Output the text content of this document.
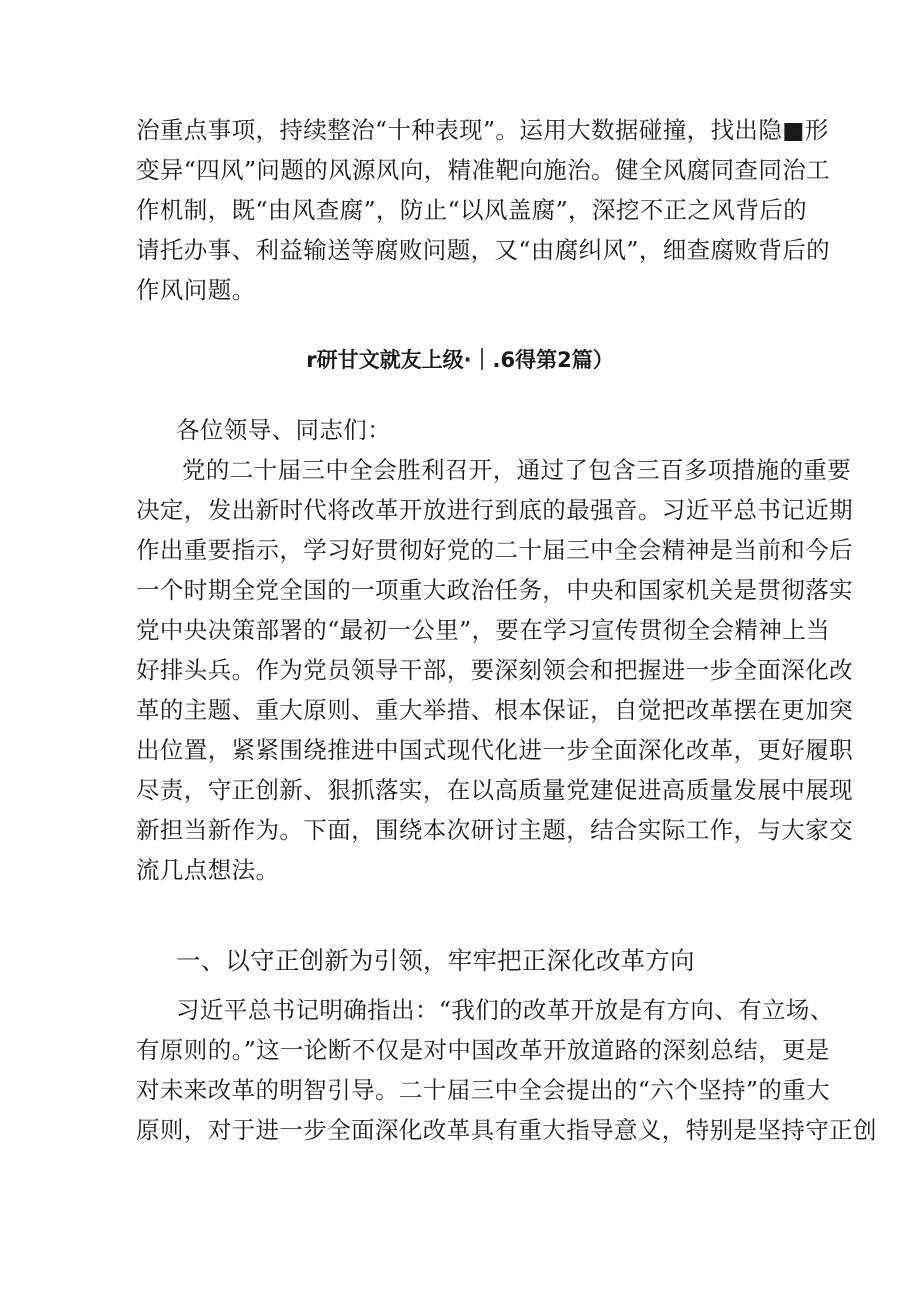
治重点事项，持续整治“十种表现”。运用大数据碰撞，找出隐■形
变异“四风”问题的风源风向，精准靶向施治。健全风腐同查同治工
作机制，既“由风查腐”，防止“以风盖腐”，深挖不正之风背后的
请托办事、利益输送等腐败问题，又“由腐纠风”，细查腐败背后的
作风问题。
r研甘文就友上级·｜.6得第2篇）
各位领导、同志们：
党的二十届三中全会胜利召开，通过了包含三百多项措施的重要
决定，发出新时代将改革开放进行到底的最强音。习近平总书记近期
作出重要指示，学习好贯彻好党的二十届三中全会精神是当前和今后
一个时期全党全国的一项重大政治任务，中央和国家机关是贯彻落实
党中央决策部署的“最初一公里”，要在学习宣传贯彻全会精神上当
好排头兵。作为党员领导干部，要深刻领会和把握进一步全面深化改
革的主题、重大原则、重大举措、根本保证，自觉把改革摆在更加突
出位置，紧紧围绕推进中国式现代化进一步全面深化改革，更好履职
尽责，守正创新、狠抓落实，在以高质量党建促进高质量发展中展现
新担当新作为。下面，围绕本次研讨主题，结合实际工作，与大家交
流几点想法。
一、以守正创新为引领，牢牢把正深化改革方向
习近平总书记明确指出：“我们的改革开放是有方向、有立场、
有原则的。”这一论断不仅是对中国改革开放道路的深刻总结，更是
对未来改革的明智引导。二十届三中全会提出的“六个坚持”的重大
原则，对于进一步全面深化改革具有重大指导意义，特别是坚持守正创
